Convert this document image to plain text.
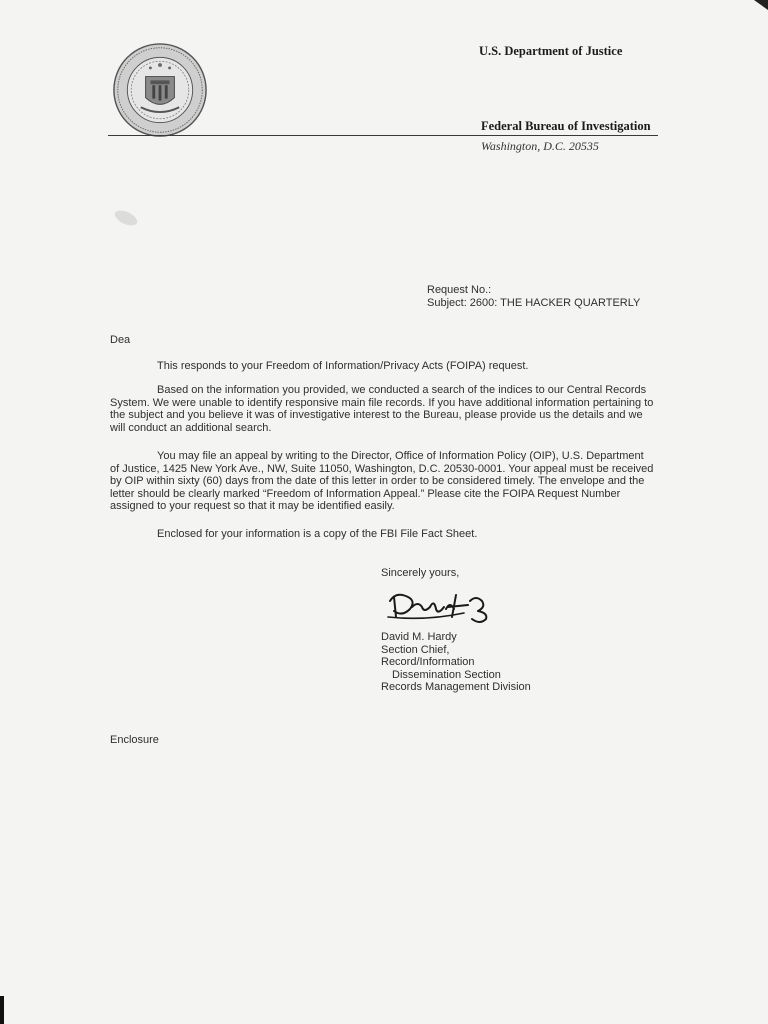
U.S. Department of Justice
Federal Bureau of Investigation
Washington, D.C. 20535
Request No.:
Subject: 2600: THE HACKER QUARTERLY
Dea

This responds to your Freedom of Information/Privacy Acts (FOIPA) request.

Based on the information you provided, we conducted a search of the indices to our Central Records System. We were unable to identify responsive main file records. If you have additional information pertaining to the subject and you believe it was of investigative interest to the Bureau, please provide us the details and we will conduct an additional search.

You may file an appeal by writing to the Director, Office of Information Policy (OIP), U.S. Department of Justice, 1425 New York Ave., NW, Suite 11050, Washington, D.C. 20530-0001. Your appeal must be received by OIP within sixty (60) days from the date of this letter in order to be considered timely. The envelope and the letter should be clearly marked “Freedom of Information Appeal.” Please cite the FOIPA Request Number assigned to your request so that it may be identified easily.

Enclosed for your information is a copy of the FBI File Fact Sheet.

Sincerely yours,
David M. Hardy
Section Chief,
Record/Information
Dissemination Section
Records Management Division
Enclosure
